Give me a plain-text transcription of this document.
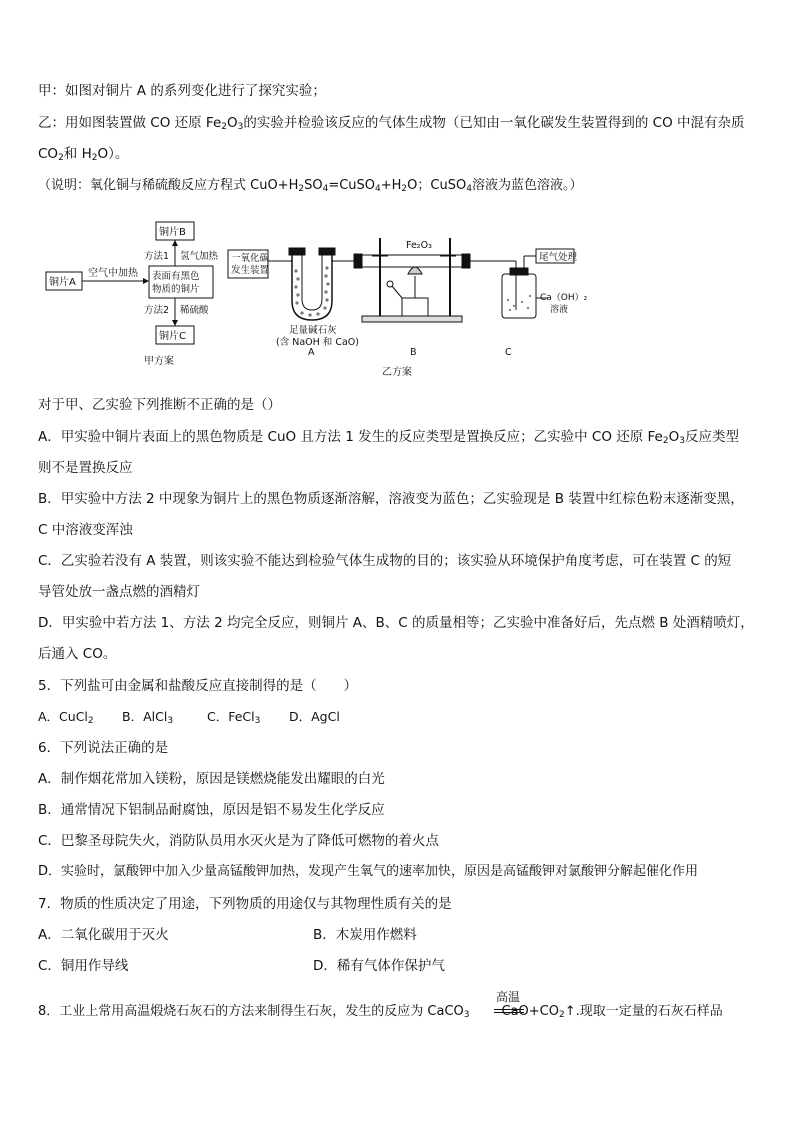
甲：如图对铜片 A 的系列变化进行了探究实验；
乙：用如图装置做 CO 还原 $Fe_2O_3$的实验并检验该反应的气体生成物（已知由一氧化碳发生装置得到的 CO 中混有杂质
$CO_2$和 $H_2O$）。
（说明：氧化铜与稀硫酸反应方程式 $CuO+H_2SO_4=CuSO_4+H_2O$；CuSO$_4$溶液为蓝色溶液。）
铜片A
铜片B
铜片C
空气中加热 表面有黑色
物质的铜片
方法1 氢气加热
方法2 稀硫酸
甲方案
一氧化碳
发生装置
足量碱石灰
(含 NaOH 和 CaO)
Fe₂O₃
尾气处理
Ca（OH）₂
溶液
A	B	C
乙方案
对于甲、乙实验下列推断不正确的是（）
A．甲实验中铜片表面上的黑色物质是 CuO 且方法 1 发生的反应类型是置换反应；乙实验中 CO 还原 $Fe_2O_3$反应类型
则不是置换反应
B．甲实验中方法 2 中现象为铜片上的黑色物质逐渐溶解，溶液变为蓝色；乙实验现是 B 装置中红棕色粉末逐渐变黑，
C 中溶液变浑浊
C．乙实验若没有 A 装置，则该实验不能达到检验气体生成物的目的；该实验从环境保护角度考虑，可在装置 C 的短
导管处放一盏点燃的酒精灯
D．甲实验中若方法 1、方法 2 均完全反应，则铜片 A、B、C 的质量相等；乙实验中准备好后，先点燃 B 处酒精喷灯，
后通入 CO。
5．下列盐可由金属和盐酸反应直接制得的是（　　）
A．CuCl$_2$ B．AlCl$_3$	C．FeCl$_3$ D．AgCl
6．下列说法正确的是
A．制作烟花常加入镁粉，原因是镁燃烧能发出耀眼的白光
B．通常情况下铝制品耐腐蚀，原因是铝不易发生化学反应
C．巴黎圣母院失火，消防队员用水灭火是为了降低可燃物的着火点
D．实验时，氯酸钾中加入少量高锰酸钾加热，发现产生氧气的速率加快，原因是高锰酸钾对氯酸钾分解起催化作用
7．物质的性质决定了用途，下列物质的用途仅与其物理性质有关的是
A．二氧化碳用于灭火	B．木炭用作燃料
C．铜用作导线	D．稀有气体作保护气
8．工业上常用高温煅烧石灰石的方法来制得生石灰，发生的反应为 CaCO$_3$ $CaO+CO_2↑$.现取一定量的石灰石样品
高温
